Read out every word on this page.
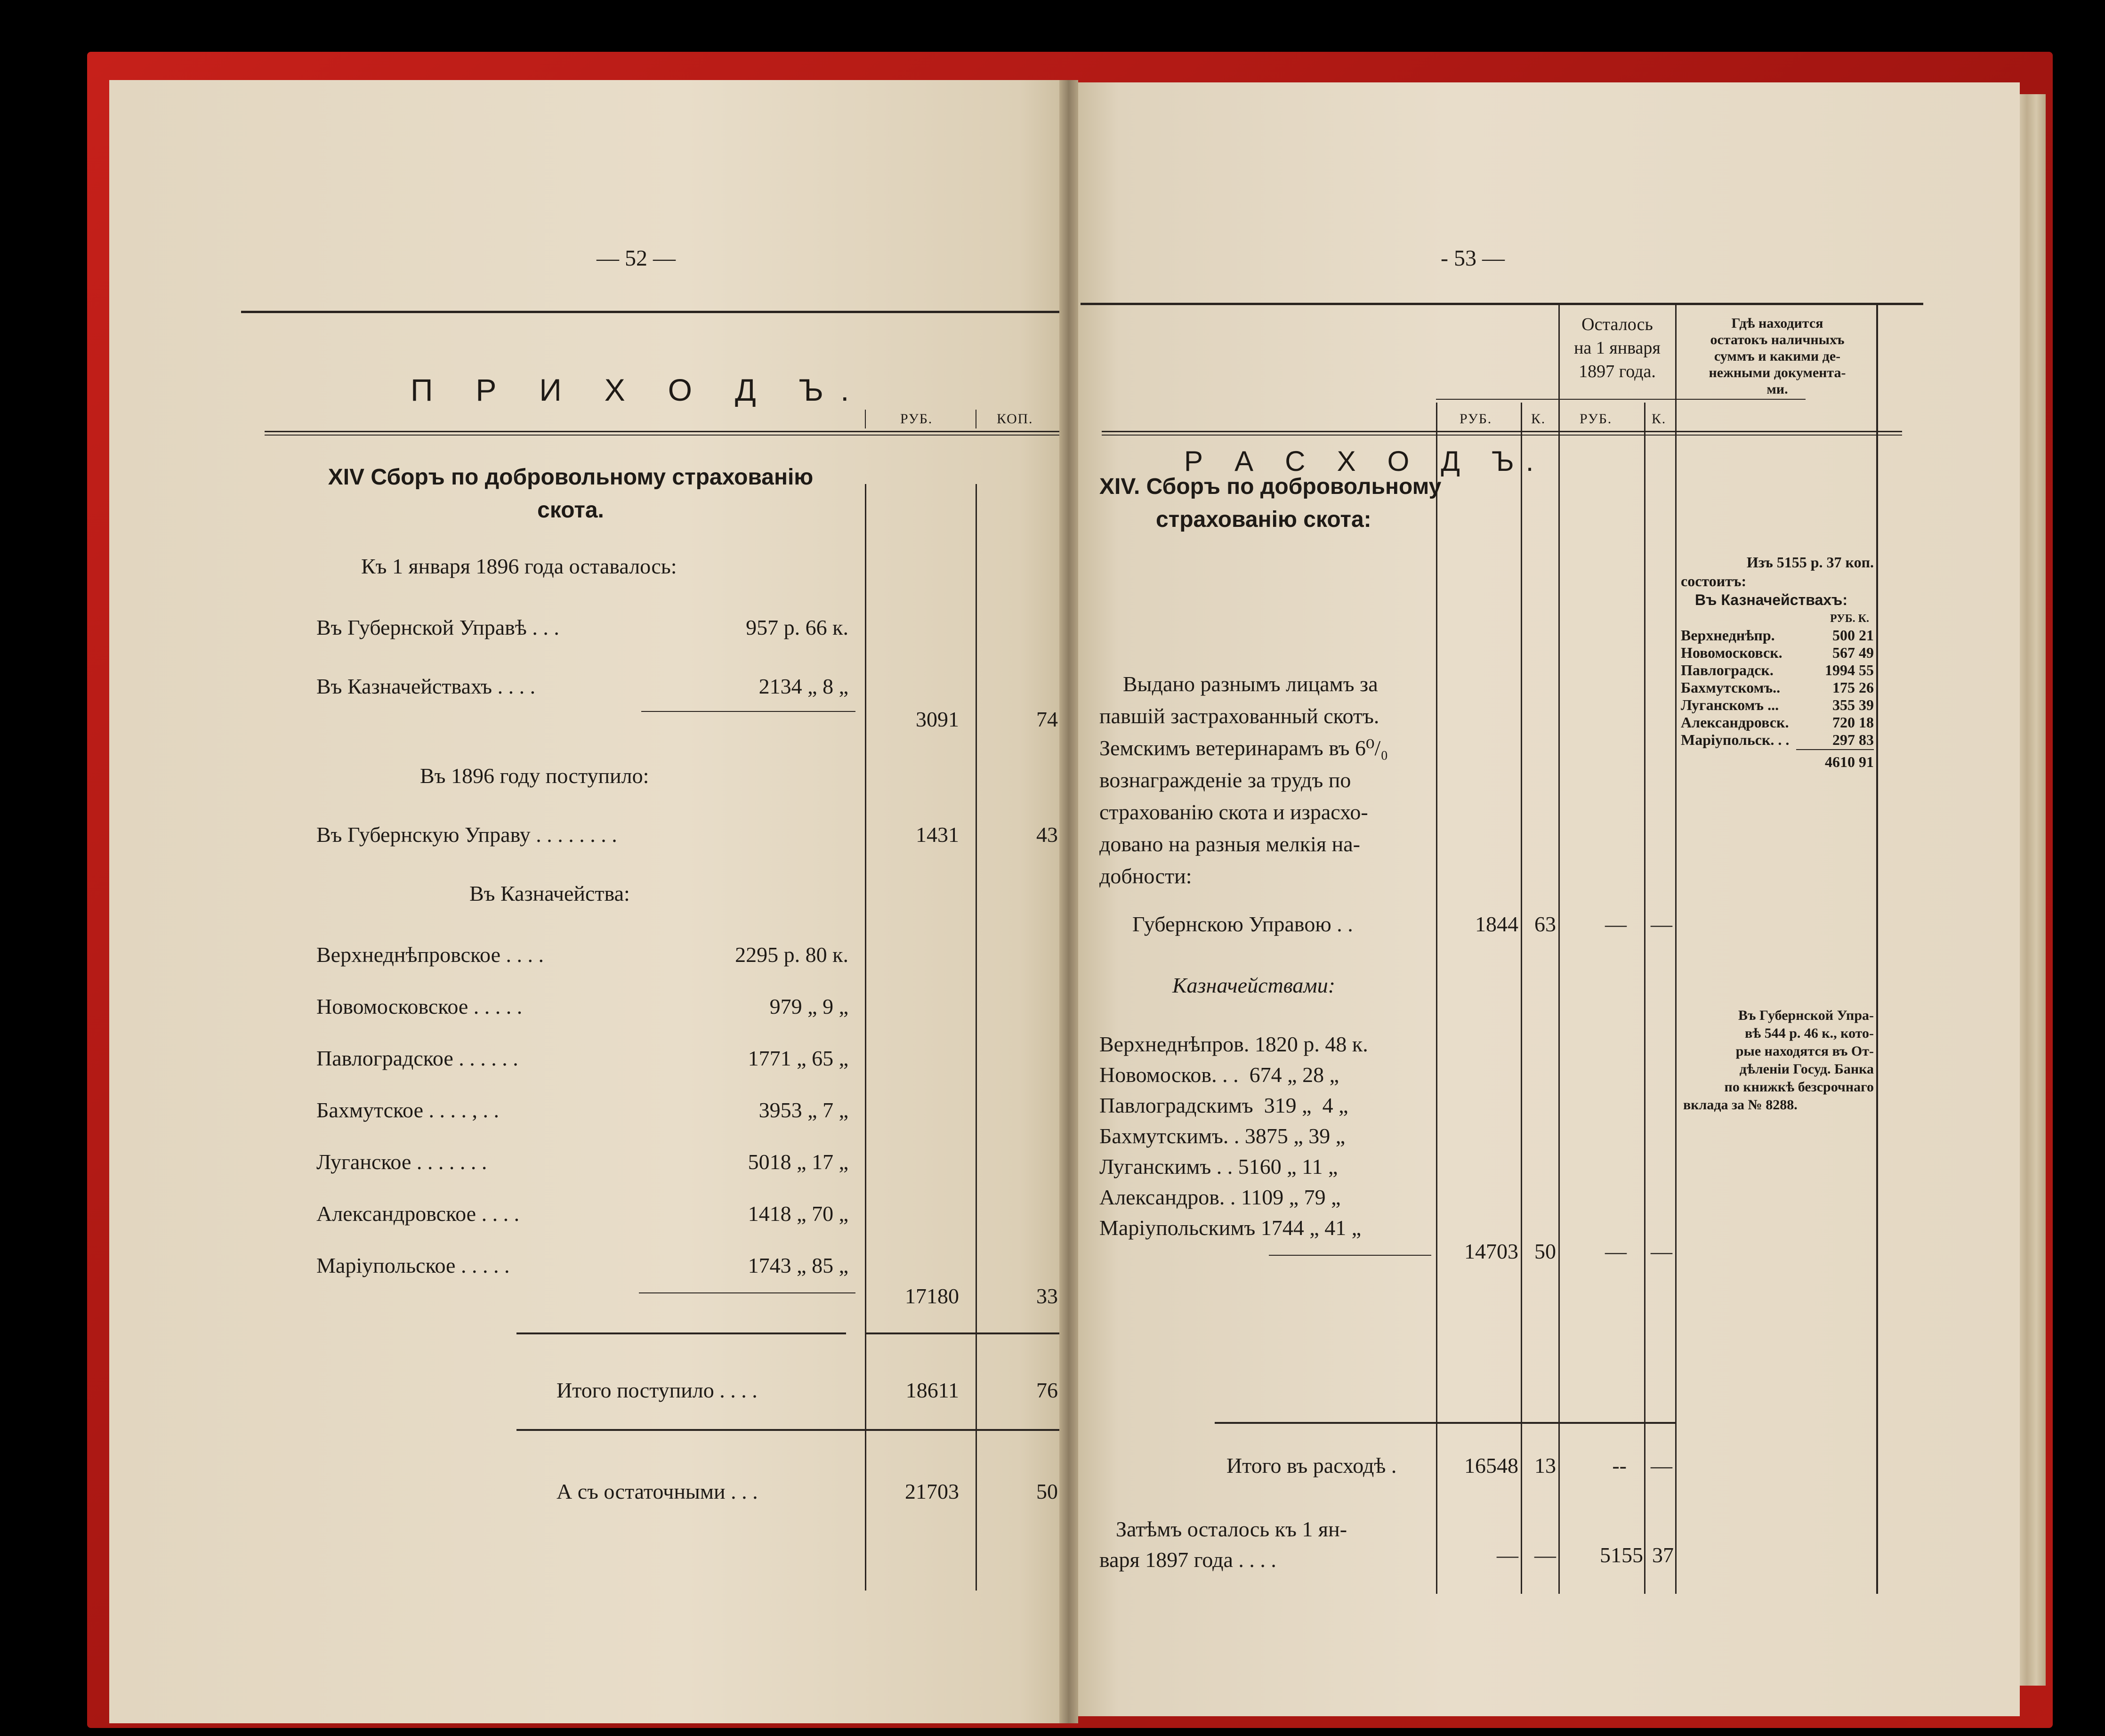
— 52 —
П Р И Х О Д Ъ.
РУБ.	КОП.
XIV Сборъ по добровольному страхованію
скота.
Къ 1 января 1896 года оставалось:
Въ Губернской Управѣ . . .	957 р. 66 к.
Въ Казначействахъ . . . .	2134 „ 8 „
3091	74
Въ 1896 году поступило:
Въ Губернскую Управу . . . . . . . .	1431	43
Въ Казначейства:
Верхнеднѣпровское . . . .	2295 р. 80 к.
Новомосковское . . . . .	979 „ 9 „
Павлоградское . . . . . .	1771 „ 65 „
Бахмутское . . . . , . .	3953 „ 7 „
Луганское . . . . . . .	5018 „ 17 „
Александровское . . . .	1418 „ 70 „
Маріупольское . . . . .	1743 „ 85 „
17180	33
Итого поступило . . . .	18611	76
А съ остаточными . . .	21703	50
- 53 —
Р А С Х О Д Ъ.
Осталось
на 1 января
1897 года.
Гдѣ находится
остатокъ наличныхъ
суммъ и какими де-
нежными документа-
ми.
РУБ.	К. РУБ.	К.
XIV. Сборъ по добровольному
страхованію скота:
Выдано разнымъ лицамъ за
павшій застрахованный скотъ.
Земскимъ ветеринарамъ въ 6⁰/₀
вознагражденіе за трудъ по
страхованію скота и израсхо-
довано на разныя мелкія на-
добности:
Губернскою Управою . .	1844 63	— —
Казначействами:
Верхнеднѣпров. 1820 р. 48 к.
Новомосков. . .  674 „ 28 „
Павлоградскимъ  319 „  4 „
Бахмутскимъ. . 3875 „ 39 „
Луганскимъ . . 5160 „ 11 „
Александров. . 1109 „ 79 „
Маріупольскимъ 1744 „ 41 „
14703 50	— —
Итого въ расходѣ .	16548 13	-- —
Затѣмъ осталось къ 1 ян-
варя 1897 года . . . .	— —	5155 37
Изъ 5155 р. 37 коп.
состоитъ:
Въ Казначействахъ:
РУБ. К.
Верхнеднѣпр.	500 21
Новомосковск.	567 49
Павлоградск.	1994 55
Бахмутскомъ..	175 26
Луганскомъ ...	355 39
Александровск.	720 18
Маріупольск. . .	297 83
4610 91
Въ Губернской Упра-
вѣ 544 р. 46 к., кото-
рые находятся въ От-
дѣленіи Госуд. Банка
по книжкѣ безсрочнаго
вклада за № 8288.
